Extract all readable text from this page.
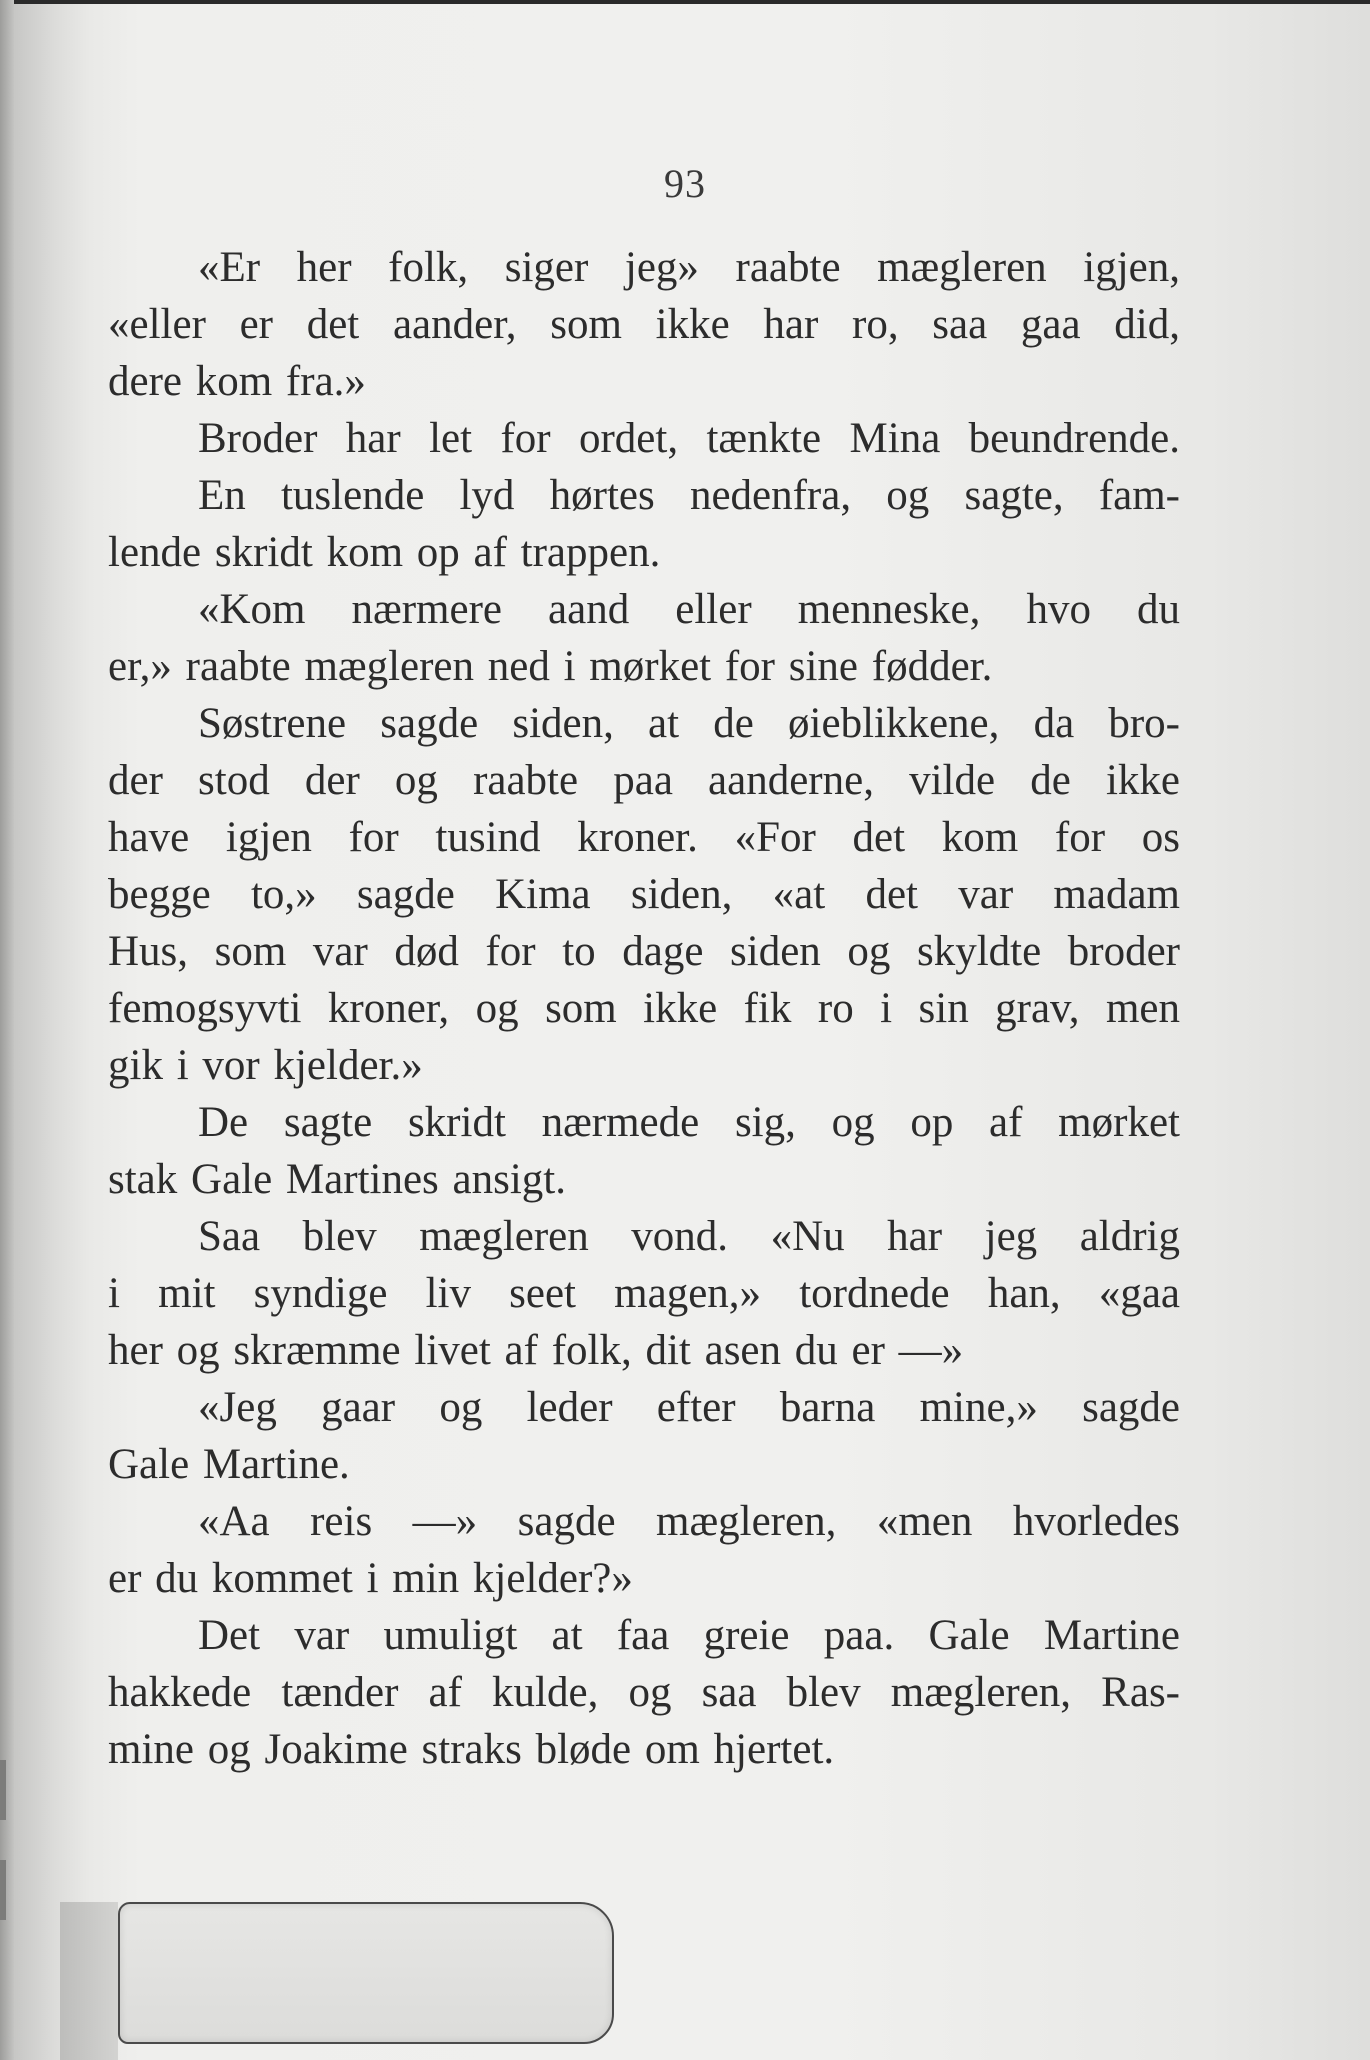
93
«Er her folk, siger jeg» raabte mægleren igjen,
«eller er det aander, som ikke har ro, saa gaa did,
dere kom fra.»
Broder har let for ordet, tænkte Mina beundrende.
En tuslende lyd hørtes nedenfra, og sagte, fam-
lende skridt kom op af trappen.
«Kom nærmere aand eller menneske, hvo du
er,» raabte mægleren ned i mørket for sine fødder.
Søstrene sagde siden, at de øieblikkene, da bro-
der stod der og raabte paa aanderne, vilde de ikke
have igjen for tusind kroner. «For det kom for os
begge to,» sagde Kima siden, «at det var madam
Hus, som var død for to dage siden og skyldte broder
femogsyvti kroner, og som ikke fik ro i sin grav, men
gik i vor kjelder.»
De sagte skridt nærmede sig, og op af mørket
stak Gale Martines ansigt.
Saa blev mægleren vond. «Nu har jeg aldrig
i mit syndige liv seet magen,» tordnede han, «gaa
her og skræmme livet af folk, dit asen du er —»
«Jeg gaar og leder efter barna mine,» sagde
Gale Martine.
«Aa reis —» sagde mægleren, «men hvorledes
er du kommet i min kjelder?»
Det var umuligt at faa greie paa. Gale Martine
hakkede tænder af kulde, og saa blev mægleren, Ras-
mine og Joakime straks bløde om hjertet.
